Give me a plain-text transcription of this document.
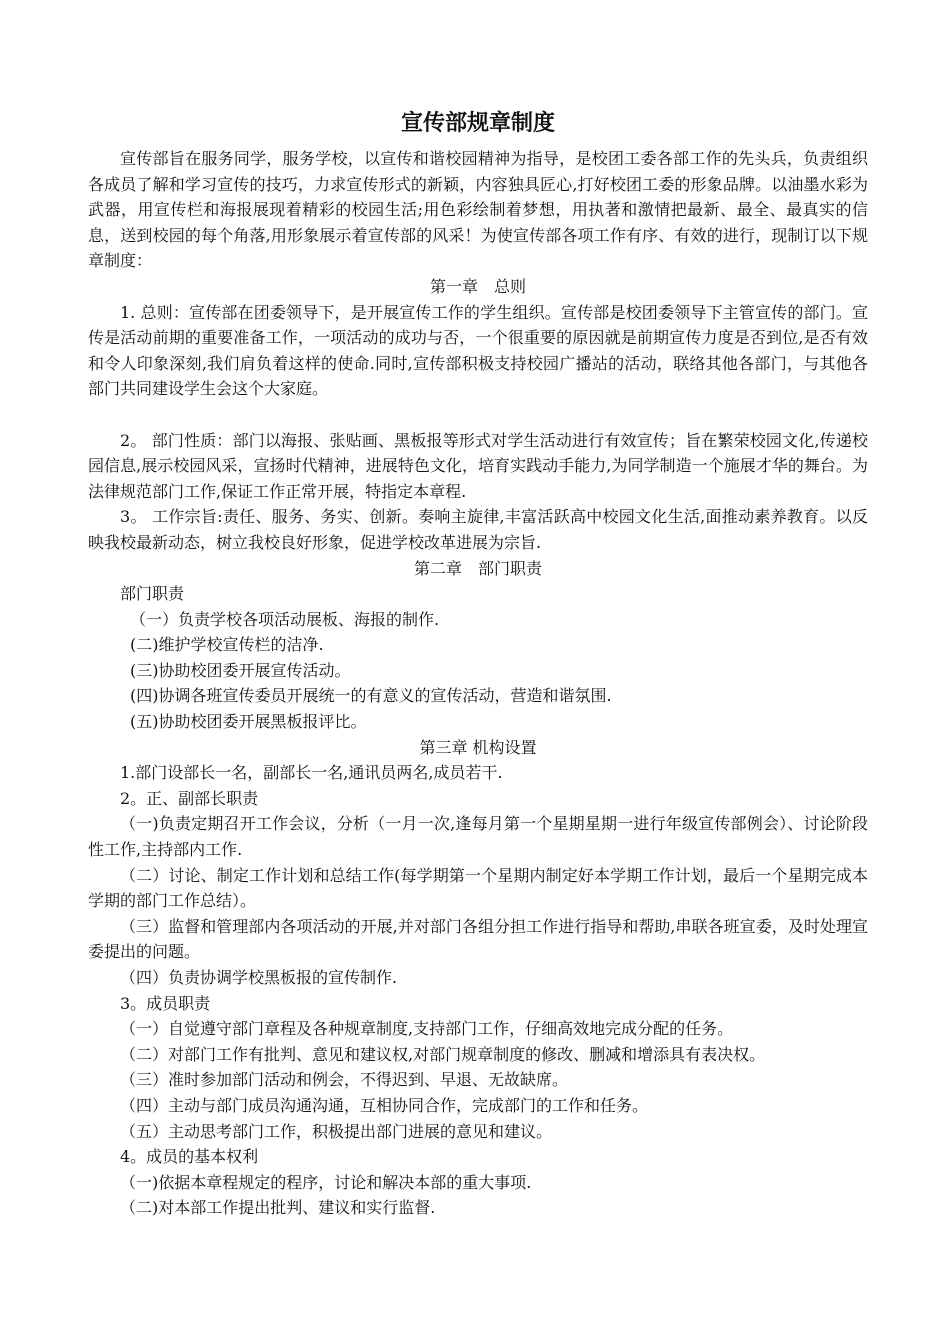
宣传部规章制度

宣传部旨在服务同学，服务学校，以宣传和谐校园精神为指导，是校团工委各部工作的先头兵，负责组织各成员了解和学习宣传的技巧，力求宣传形式的新颖，内容独具匠心,打好校团工委的形象品牌。以油墨水彩为武器，用宣传栏和海报展现着精彩的校园生活;用色彩绘制着梦想，用执著和激情把最新、最全、最真实的信息，送到校园的每个角落,用形象展示着宣传部的风采！为使宣传部各项工作有序、有效的进行，现制订以下规章制度：

第一章　总则

1. 总则：宣传部在团委领导下，是开展宣传工作的学生组织。宣传部是校团委领导下主管宣传的部门。宣传是活动前期的重要准备工作，一项活动的成功与否，一个很重要的原因就是前期宣传力度是否到位,是否有效和令人印象深刻,我们肩负着这样的使命.同时,宣传部积极支持校园广播站的活动，联络其他各部门，与其他各部门共同建设学生会这个大家庭。

2。 部门性质：部门以海报、张贴画、黑板报等形式对学生活动进行有效宣传；旨在繁荣校园文化,传递校园信息,展示校园风采，宣扬时代精神，进展特色文化，培育实践动手能力,为同学制造一个施展才华的舞台。为法律规范部门工作,保证工作正常开展，特指定本章程.

3。 工作宗旨:责任、服务、务实、创新。奏响主旋律,丰富活跃高中校园文化生活,面推动素养教育。以反映我校最新动态，树立我校良好形象，促进学校改革进展为宗旨.

第二章　部门职责

部门职责

（一）负责学校各项活动展板、海报的制作.

(二)维护学校宣传栏的洁净.

(三)协助校团委开展宣传活动。

(四)协调各班宣传委员开展统一的有意义的宣传活动，营造和谐氛围.

(五)协助校团委开展黑板报评比。

第三章 机构设置

1.部门设部长一名，副部长一名,通讯员两名,成员若干.

2。正、副部长职责

（一)负责定期召开工作会议，分析（一月一次,逢每月第一个星期星期一进行年级宣传部例会）、讨论阶段性工作,主持部内工作.

（二）讨论、制定工作计划和总结工作(每学期第一个星期内制定好本学期工作计划，最后一个星期完成本学期的部门工作总结）。

（三）监督和管理部内各项活动的开展,并对部门各组分担工作进行指导和帮助,串联各班宣委，及时处理宣委提出的问题。

（四）负责协调学校黑板报的宣传制作.

3。成员职责

（一）自觉遵守部门章程及各种规章制度,支持部门工作，仔细高效地完成分配的任务。

（二）对部门工作有批判、意见和建议权,对部门规章制度的修改、删减和增添具有表决权。

（三）准时参加部门活动和例会，不得迟到、早退、无故缺席。

（四）主动与部门成员沟通沟通，互相协同合作，完成部门的工作和任务。

（五）主动思考部门工作，积极提出部门进展的意见和建议。

4。成员的基本权利

（一)依据本章程规定的程序，讨论和解决本部的重大事项.

（二)对本部工作提出批判、建议和实行监督.
